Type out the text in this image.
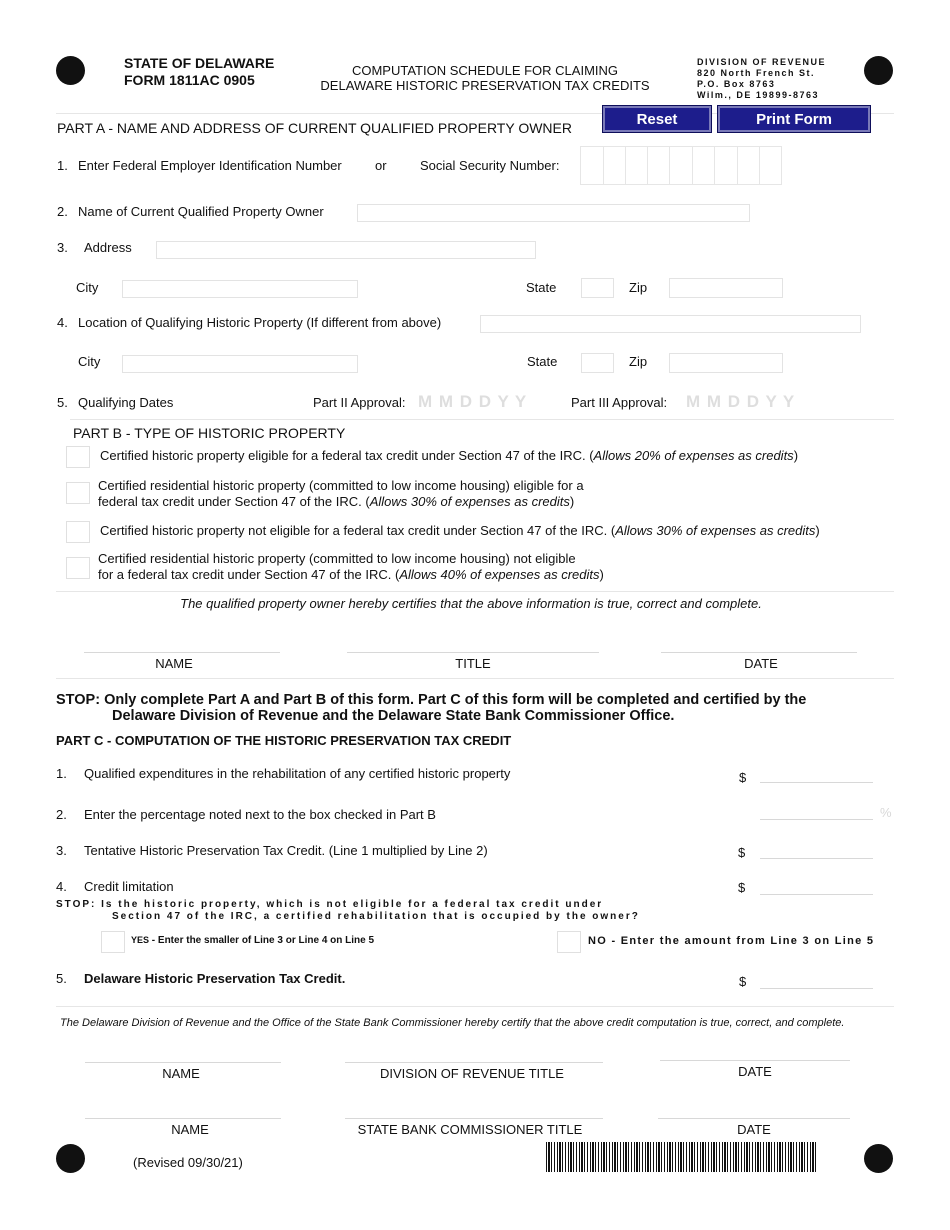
STATE OF DELAWARE
FORM 1811AC 0905
COMPUTATION SCHEDULE FOR CLAIMING
DELAWARE HISTORIC PRESERVATION TAX CREDITS
DIVISION OF REVENUE
820 North French St.
P.O. Box 8763
Wilm., DE 19899-8763
Reset	Print Form
PART A - NAME AND ADDRESS OF CURRENT QUALIFIED PROPERTY OWNER
1. Enter Federal Employer Identification Number	or	Social Security Number:
2. Name of Current Qualified Property Owner
3. Address
City	State	Zip
4. Location of Qualifying Historic Property (If different from above)
City	State	Zip
5. Qualifying Dates	Part II Approval: M M D D Y Y	Part III Approval: M M D D Y Y
PART B - TYPE OF HISTORIC PROPERTY
Certified historic property eligible for a federal tax credit under Section 47 of the IRC. (Allows 20% of expenses as credits)
Certified residential historic property (committed to low income housing) eligible for a
federal tax credit under Section 47 of the IRC. (Allows 30% of expenses as credits)
Certified historic property not eligible for a federal tax credit under Section 47 of the IRC. (Allows 30% of expenses as credits)
Certified residential historic property (committed to low income housing) not eligible
for a federal tax credit under Section 47 of the IRC. (Allows 40% of expenses as credits)
The qualified property owner hereby certifies that the above information is true, correct and complete.
NAME	TITLE	DATE
STOP: Only complete Part A and Part B of this form. Part C of this form will be completed and certified by the
Delaware Division of Revenue and the Delaware State Bank Commissioner Office.
PART C - COMPUTATION OF THE HISTORIC PRESERVATION TAX CREDIT
1. Qualified expenditures in the rehabilitation of any certified historic property	$
2. Enter the percentage noted next to the box checked in Part B	%
3. Tentative Historic Preservation Tax Credit. (Line 1 multiplied by Line 2)	$
4. Credit limitation	$
STOP: Is the historic property, which is not eligible for a federal tax credit under
Section 47 of the IRC, a certified rehabilitation that is occupied by the owner?
YES - Enter the smaller of Line 3 or Line 4 on Line 5	NO - Enter the amount from Line 3 on Line 5
5. Delaware Historic Preservation Tax Credit.	$
The Delaware Division of Revenue and the Office of the State Bank Commissioner hereby certify that the above credit computation is true, correct, and complete.
NAME	DIVISION OF REVENUE TITLE	DATE
NAME	STATE BANK COMMISSIONER TITLE	DATE
(Revised 09/30/21)
